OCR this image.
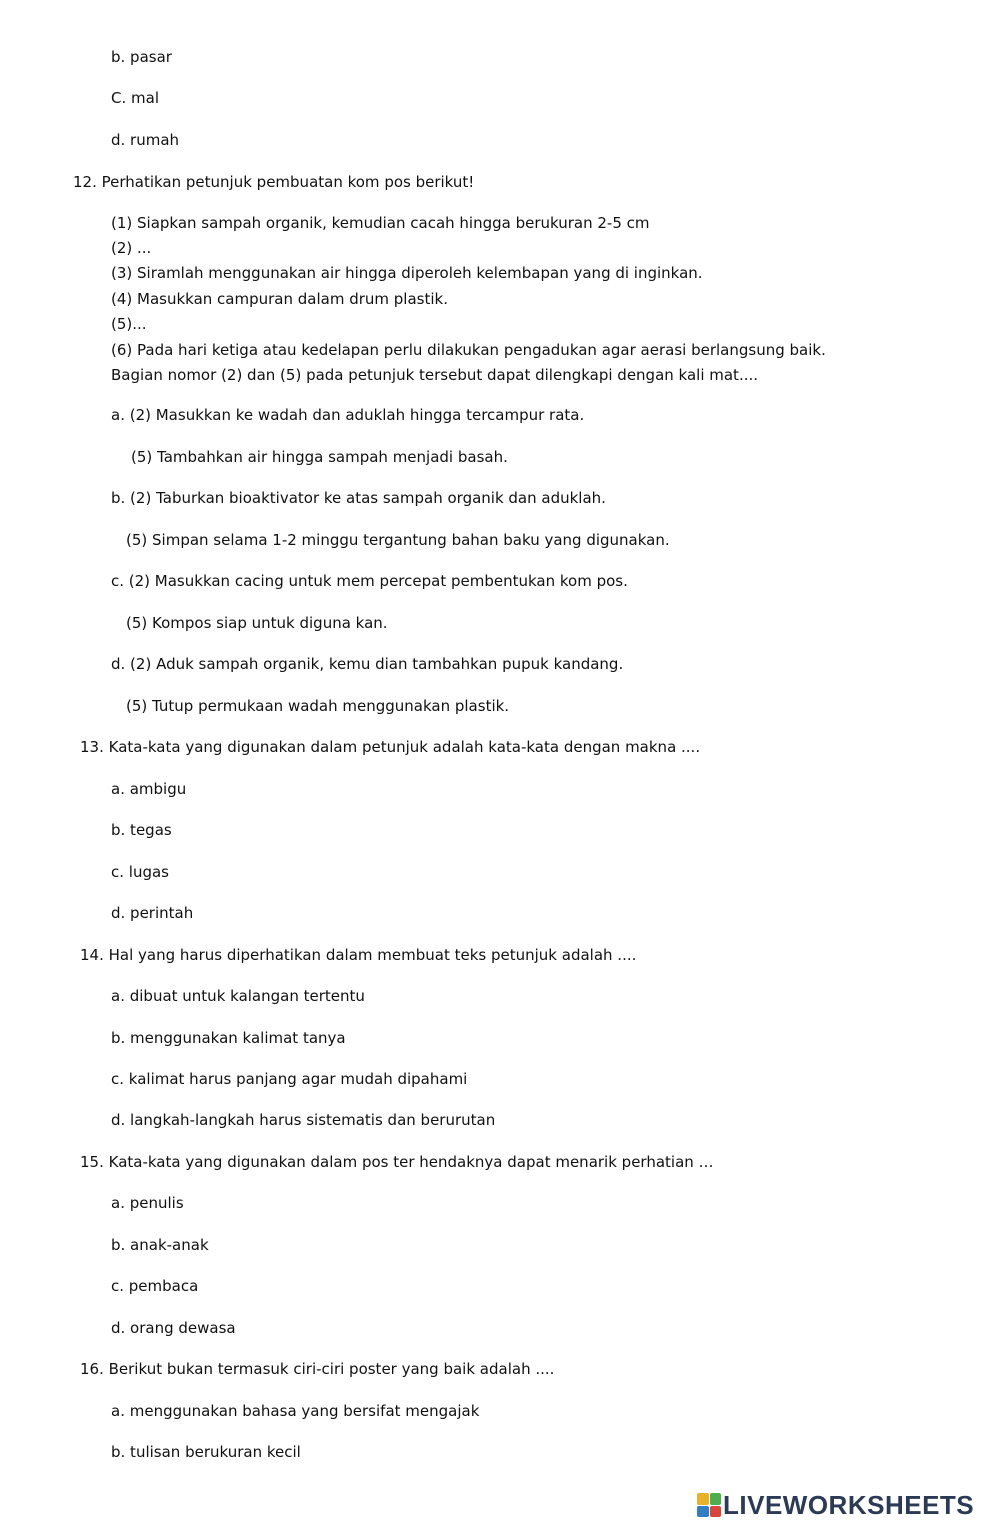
b. pasar
C. mal
d. rumah
12. Perhatikan petunjuk pembuatan kom pos berikut!
(1) Siapkan sampah organik, kemudian cacah hingga berukuran 2-5 cm
(2) ...
(3) Siramlah menggunakan air hingga diperoleh kelembapan yang di inginkan.
(4) Masukkan campuran dalam drum plastik.
(5)...
(6) Pada hari ketiga atau kedelapan perlu dilakukan pengadukan agar aerasi berlangsung baik.
Bagian nomor (2) dan (5) pada petunjuk tersebut dapat dilengkapi dengan kali mat....
a. (2) Masukkan ke wadah dan aduklah hingga tercampur rata.
(5) Tambahkan air hingga sampah menjadi basah.
b. (2) Taburkan bioaktivator ke atas sampah organik dan aduklah.
(5) Simpan selama 1-2 minggu tergantung bahan baku yang digunakan.
c. (2) Masukkan cacing untuk mem percepat pembentukan kom pos.
(5) Kompos siap untuk diguna kan.
d. (2) Aduk sampah organik, kemu dian tambahkan pupuk kandang.
(5) Tutup permukaan wadah menggunakan plastik.
13. Kata-kata yang digunakan dalam petunjuk adalah kata-kata dengan makna ....
a. ambigu
b. tegas
c. lugas
d. perintah
14. Hal yang harus diperhatikan dalam membuat teks petunjuk adalah ....
a. dibuat untuk kalangan tertentu
b. menggunakan kalimat tanya
c. kalimat harus panjang agar mudah dipahami
d. langkah-langkah harus sistematis dan berurutan
15. Kata-kata yang digunakan dalam pos ter hendaknya dapat menarik perhatian …
a. penulis
b. anak-anak
c. pembaca
d. orang dewasa
16. Berikut bukan termasuk ciri-ciri poster yang baik adalah ....
a. menggunakan bahasa yang bersifat mengajak
b. tulisan berukuran kecil
LIVEWORKSHEETS
